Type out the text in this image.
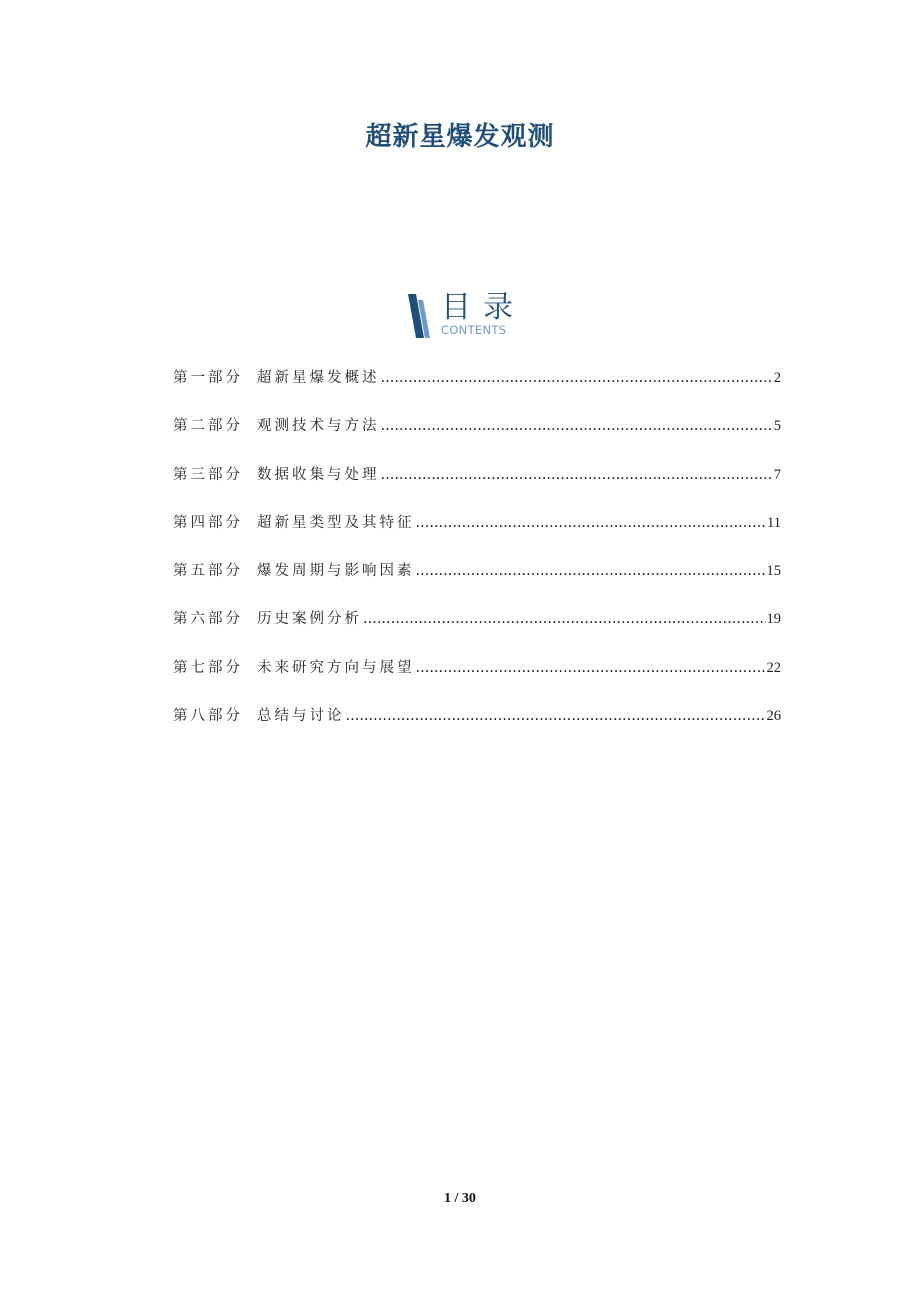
超新星爆发观测
目录
CONTENTS
第一部分 超新星爆发概述 .....	2
第二部分 观测技术与方法 .....	5
第三部分 数据收集与处理 .....	7
第四部分 超新星类型及其特征 .....	11
第五部分 爆发周期与影响因素 .....	15
第六部分 历史案例分析 .....	19
第七部分 未来研究方向与展望 .....	22
第八部分 总结与讨论 .....	26
1 / 30
